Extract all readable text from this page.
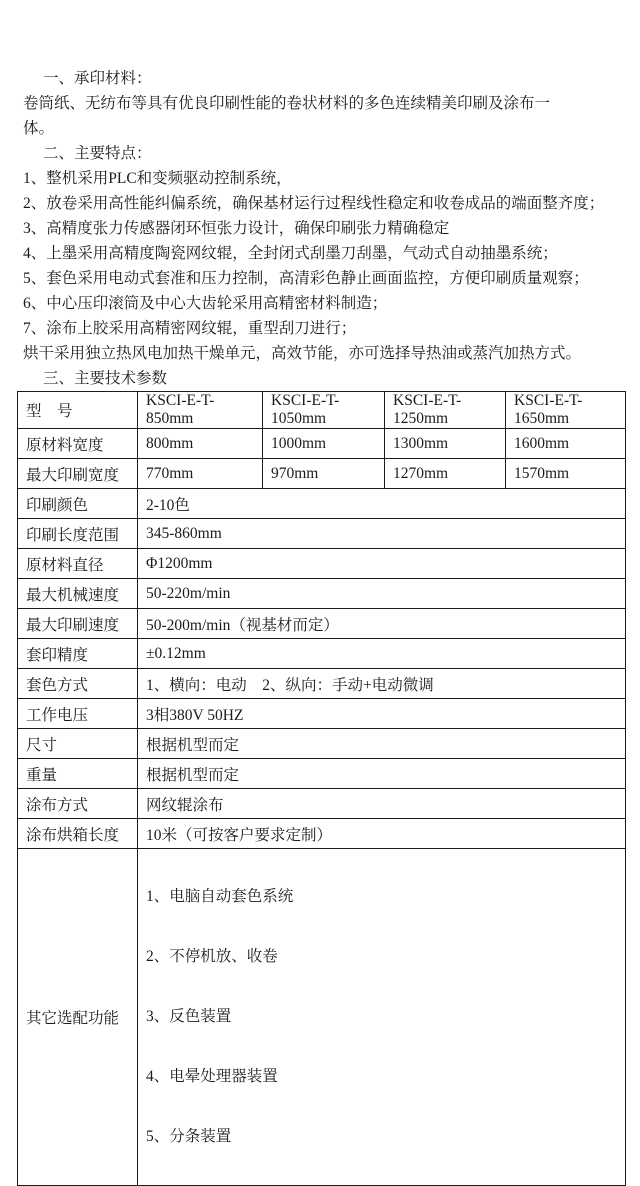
一、承印材料：
卷筒纸、无纺布等具有优良印刷性能的卷状材料的多色连续精美印刷及涂布一
体。
二、主要特点：
1、整机采用PLC和变频驱动控制系统，
2、放卷采用高性能纠偏系统，确保基材运行过程线性稳定和收卷成品的端面整齐度；
3、高精度张力传感器闭环恒张力设计，确保印刷张力精确稳定
4、上墨采用高精度陶瓷网纹辊，全封闭式刮墨刀刮墨，气动式自动抽墨系统；
5、套色采用电动式套准和压力控制，高清彩色静止画面监控，方便印刷质量观察；
6、中心压印滚筒及中心大齿轮采用高精密材料制造；
7、涂布上胶采用高精密网纹辊，重型刮刀进行；
烘干采用独立热风电加热干燥单元，高效节能，亦可选择导热油或蒸汽加热方式。
三、主要技术参数
型　号	KSCI-E-T-850mm	KSCI-E-T-1050mm	KSCI-E-T-1250mm	KSCI-E-T-1650mm
原材料宽度	800mm	1000mm	1300mm	1600mm
最大印刷宽度	770mm	970mm	1270mm	1570mm
印刷颜色	2-10色			
印刷长度范围	345-860mm			
原材料直径	Φ1200mm			
最大机械速度	50-220m/min			
最大印刷速度	50-200m/min（视基材而定）			
套印精度	±0.12mm			
套色方式	1、横向：电动    2、纵向：手动+电动微调			
工作电压	3相380V 50HZ			
尺寸	根据机型而定			
重量	根据机型而定			
涂布方式	网纹辊涂布			
涂布烘箱长度	10米（可按客户要求定制）			
其它选配功能	1、电脑自动套色系统

2、不停机放、收卷

3、反色装置

4、电晕处理器装置

5、分条装置			
